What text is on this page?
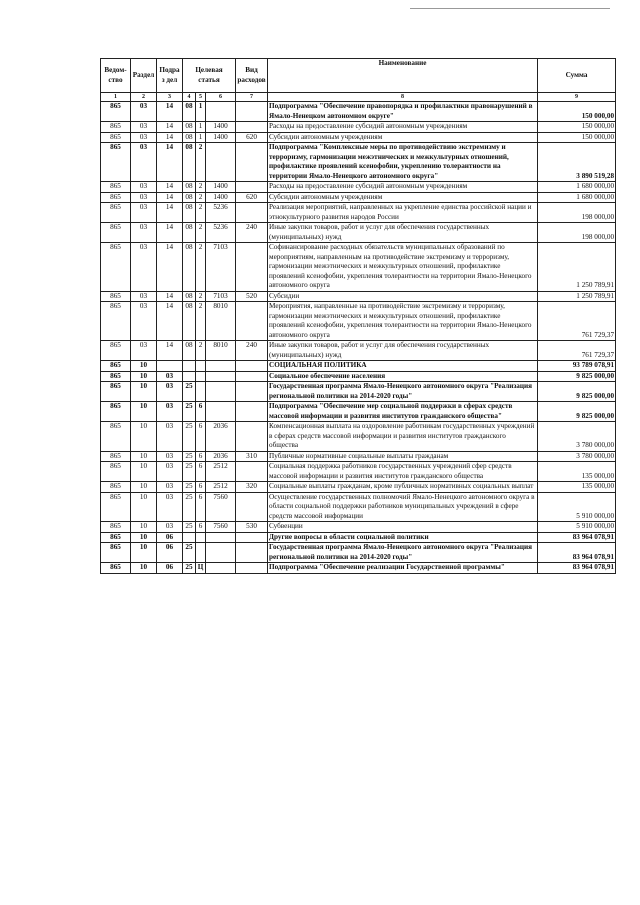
Ведом-ство	Раздел	Подраз дел	Целевая статья			Вид расходов	Наименование	Сумма
1	2	3	4	5	6	7	8	9
865	03	14	08	1			Подпрограмма "Обеспечение правопорядка и профилактики правонарушений в Ямало-Ненецком автономном округе"	150 000,00
865	03	14	08	1	1400		Расходы на предоставление субсидий автономным учреждениям	150 000,00
865	03	14	08	1	1400	620	Субсидии автономным учреждениям	150 000,00
865	03	14	08	2			Подпрограмма "Комплексные меры по противодействию экстремизму и терроризму, гармонизации межэтнических и межкультурных отношений, профилактике проявлений ксенофобии, укреплению толерантности на территории Ямало-Ненецкого автономного округа"	3 890 519,28
865	03	14	08	2	1400		Расходы на предоставление субсидий автономным учреждениям	1 680 000,00
865	03	14	08	2	1400	620	Субсидии автономным учреждениям	1 680 000,00
865	03	14	08	2	5236		Реализация мероприятий, направленных на укрепление единства российской нации и этнокультурного развития народов России	198 000,00
865	03	14	08	2	5236	240	Иные закупки товаров, работ и услуг для обеспечения государственных (муниципальных) нужд	198 000,00
865	03	14	08	2	7103		Софинансирование расходных обязательств муниципальных образований по мероприятиям, направленным на противодействие экстремизму и терроризму, гармонизации межэтнических и межкультурных отношений, профилактике проявлений ксенофобии, укрепления толерантности на территории Ямало-Ненецкого автономного округа	1 250 789,91
865	03	14	08	2	7103	520	Субсидии	1 250 789,91
865	03	14	08	2	8010		Мероприятия, направленные на противодействие экстремизму и терроризму, гармонизации межэтнических и межкультурных отношений, профилактике проявлений ксенофобии, укрепления толерантности на территории Ямало-Ненецкого автономного округа	761 729,37
865	03	14	08	2	8010	240	Иные закупки товаров, работ и услуг для обеспечения государственных (муниципальных) нужд	761 729,37
865	10						СОЦИАЛЬНАЯ ПОЛИТИКА	93 789 078,91
865	10	03					Социальное обеспечение населения	9 825 000,00
865	10	03	25				Государственная программа Ямало-Ненецкого автономного округа "Реализация региональной политики на 2014-2020 годы"	9 825 000,00
865	10	03	25	6			Подпрограмма "Обеспечение мер социальной поддержки в сферах средств массовой информации и развития институтов гражданского общества"	9 825 000,00
865	10	03	25	6	2036		Компенсационная выплата на оздоровление работникам государственных учреждений в сферах средств массовой информации и развития институтов гражданского общества	3 780 000,00
865	10	03	25	6	2036	310	Публичные нормативные социальные выплаты гражданам	3 780 000,00
865	10	03	25	6	2512		Социальная поддержка работников государственных учреждений сфер средств массовой информации и развития институтов гражданского общества	135 000,00
865	10	03	25	6	2512	320	Социальные выплаты гражданам, кроме публичных нормативных социальных выплат	135 000,00
865	10	03	25	6	7560		Осуществление государственных полномочий Ямало-Ненецкого автономного округа в области социальной поддержки работников муниципальных учреждений в сфере средств массовой информации	5 910 000,00
865	10	03	25	6	7560	530	Субвенции	5 910 000,00
865	10	06					Другие вопросы в области социальной политики	83 964 078,91
865	10	06	25				Государственная программа Ямало-Ненецкого автономного округа "Реализация региональной политики на 2014-2020 годы"	83 964 078,91
865	10	06	25	Ц			Подпрограмма "Обеспечение реализации Государственной программы"	83 964 078,91
